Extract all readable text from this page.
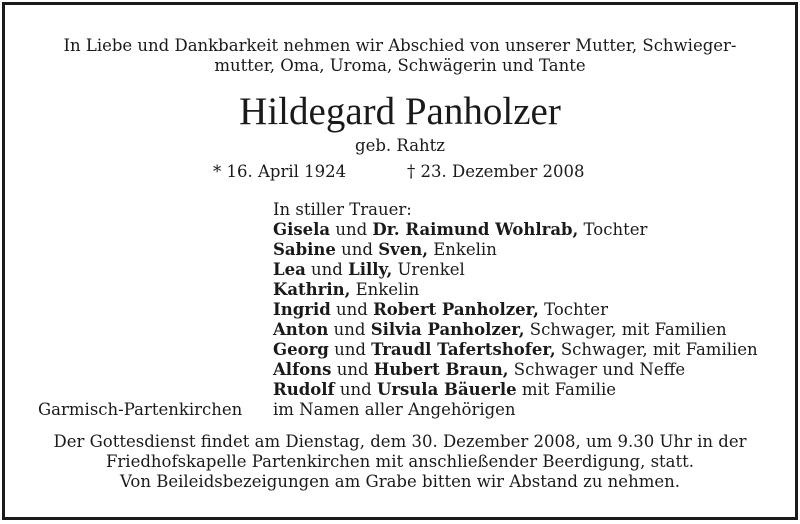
In Liebe und Dankbarkeit nehmen wir Abschied von unserer Mutter, Schwieger-
mutter, Oma, Uroma, Schwägerin und Tante
Hildegard Panholzer
geb. Rahtz
* 16. April 1924	† 23. Dezember 2008
In stiller Trauer:
Gisela und Dr. Raimund Wohlrab, Tochter
Sabine und Sven, Enkelin
Lea und Lilly, Urenkel
Kathrin, Enkelin
Ingrid und Robert Panholzer, Tochter
Anton und Silvia Panholzer, Schwager, mit Familien
Georg und Traudl Tafertshofer, Schwager, mit Familien
Alfons und Hubert Braun, Schwager und Neffe
Rudolf und Ursula Bäuerle mit Familie
im Namen aller Angehörigen
Garmisch-Partenkirchen
Der Gottesdienst findet am Dienstag, dem 30. Dezember 2008, um 9.30 Uhr in der
Friedhofskapelle Partenkirchen mit anschließender Beerdigung, statt.
Von Beileidsbezeigungen am Grabe bitten wir Abstand zu nehmen.
